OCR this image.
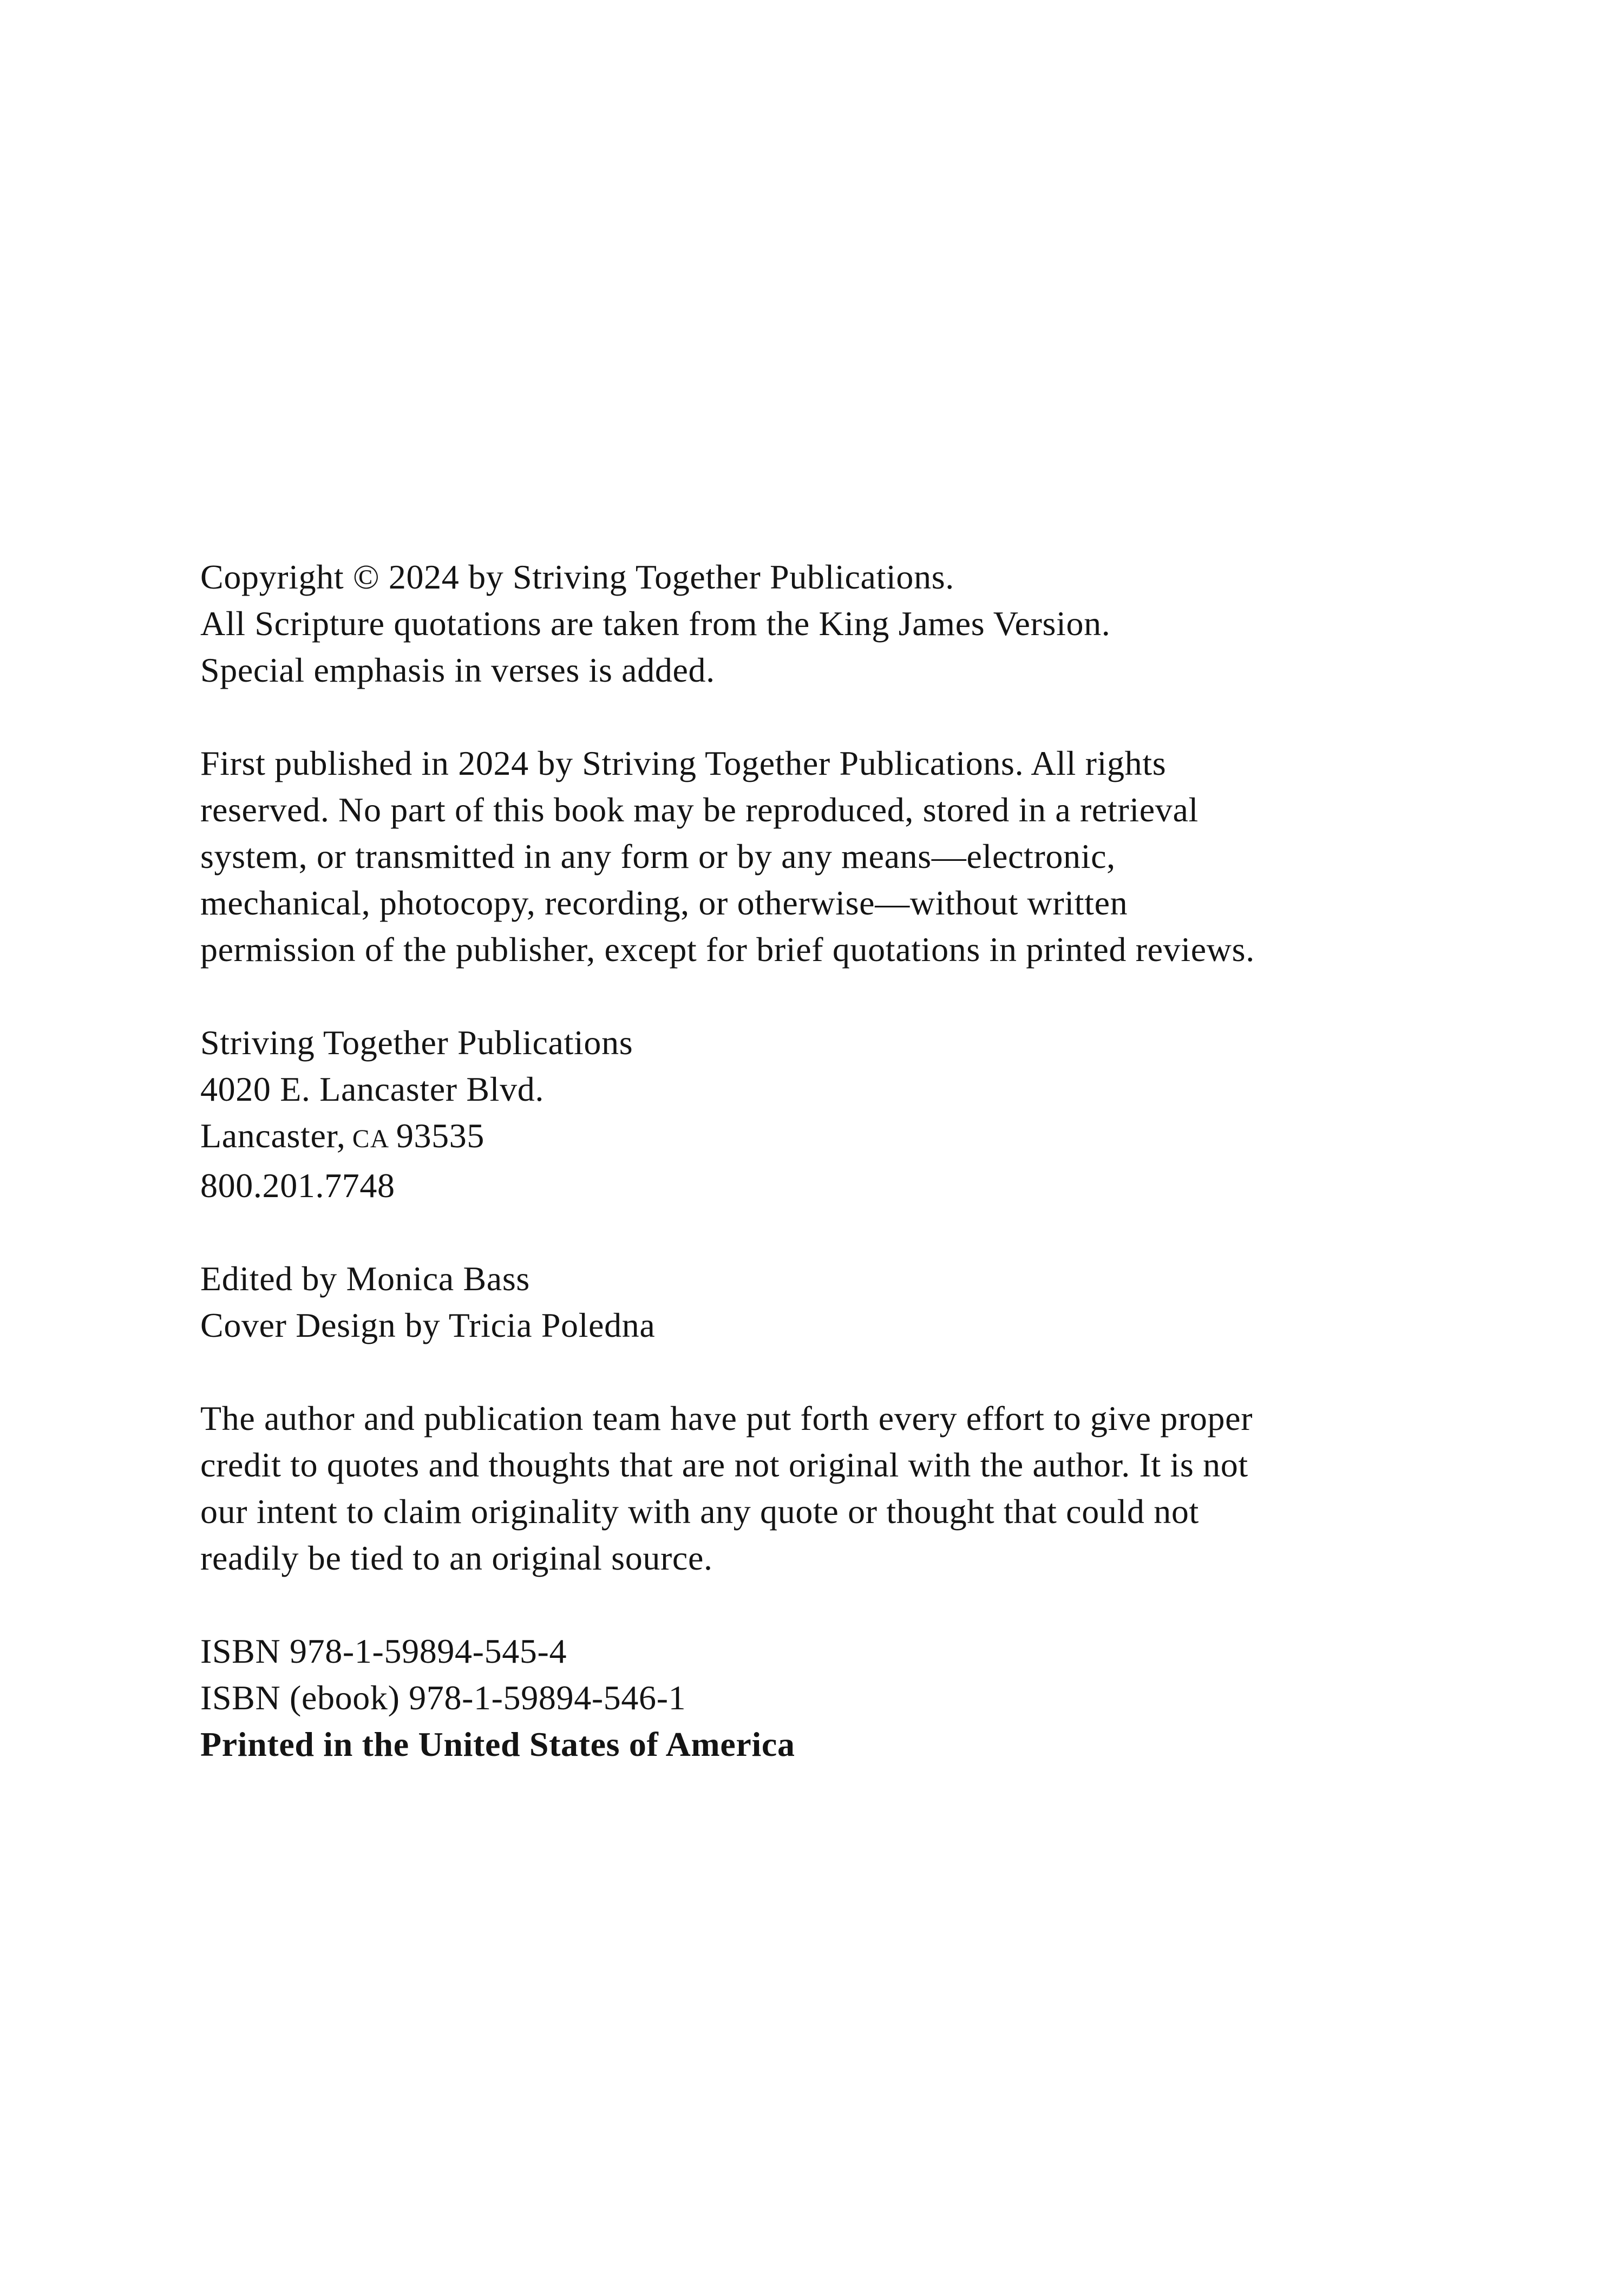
Copyright © 2024 by Striving Together Publications.
All Scripture quotations are taken from the King James Version.
Special emphasis in verses is added.
First published in 2024 by Striving Together Publications. All rights
reserved. No part of this book may be reproduced, stored in a retrieval
system, or transmitted in any form or by any means—electronic,
mechanical, photocopy, recording, or otherwise—without written
permission of the publisher, except for brief quotations in printed reviews.
Striving Together Publications
4020 E. Lancaster Blvd.
Lancaster, CA 93535
800.201.7748
Edited by Monica Bass
Cover Design by Tricia Poledna
The author and publication team have put forth every effort to give proper
credit to quotes and thoughts that are not original with the author. It is not
our intent to claim originality with any quote or thought that could not
readily be tied to an original source.
ISBN 978-1-59894-545-4
ISBN (ebook) 978-1-59894-546-1
Printed in the United States of America
